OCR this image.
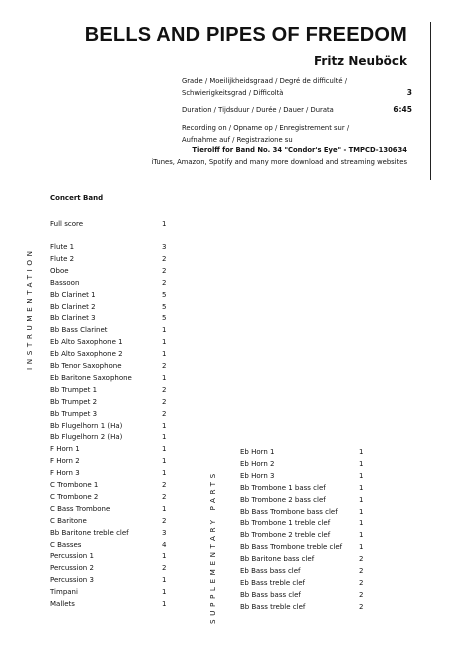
BELLS AND PIPES OF FREEDOM
Fritz Neuböck
Grade / Moeilijkheidsgraad / Degré de difficulté /
Schwierigkeitsgrad / Difficoltà	3
Duration / Tijdsduur / Durée / Dauer / Durata	6:45
Recording on / Opname op / Enregistrement sur /
Aufnahme auf / Registrazione su
Tierolff for Band No. 34 "Condor's Eye" - TMPCD-130634
iTunes, Amazon, Spotify and many more download and streaming websites
INSTRUMENTATION
Concert Band
Full score	1
Flute 1	3
Flute 2	2
Oboe	2
Bassoon	2
Bb Clarinet 1	5
Bb Clarinet 2	5
Bb Clarinet 3	5
Bb Bass Clarinet	1
Eb Alto Saxophone 1	1
Eb Alto Saxophone 2	1
Bb Tenor Saxophone	2
Eb Baritone Saxophone	1
Bb Trumpet 1	2
Bb Trumpet 2	2
Bb Trumpet 3	2
Bb Flugelhorn 1 (Ha)	1
Bb Flugelhorn 2 (Ha)	1
F Horn 1	1
F Horn 2	1
F Horn 3	1
C Trombone 1	2
C Trombone 2	2
C Bass Trombone	1
C Baritone	2
Bb Baritone treble clef	3
C Basses	4
Percussion 1	1
Percussion 2	2
Percussion 3	1
Timpani	1
Mallets	1	SUPPLEMENTARY PARTS
Eb Horn 1	1
Eb Horn 2	1
Eb Horn 3	1
Bb Trombone 1 bass clef	1
Bb Trombone 2 bass clef	1
Bb Bass Trombone bass clef	1
Bb Trombone 1 treble clef	1
Bb Trombone 2 treble clef	1
Bb Bass Trombone treble clef 1
Bb Baritone bass clef	2
Eb Bass bass clef	2
Eb Bass treble clef	2
Bb Bass bass clef	2
Bb Bass treble clef	2
